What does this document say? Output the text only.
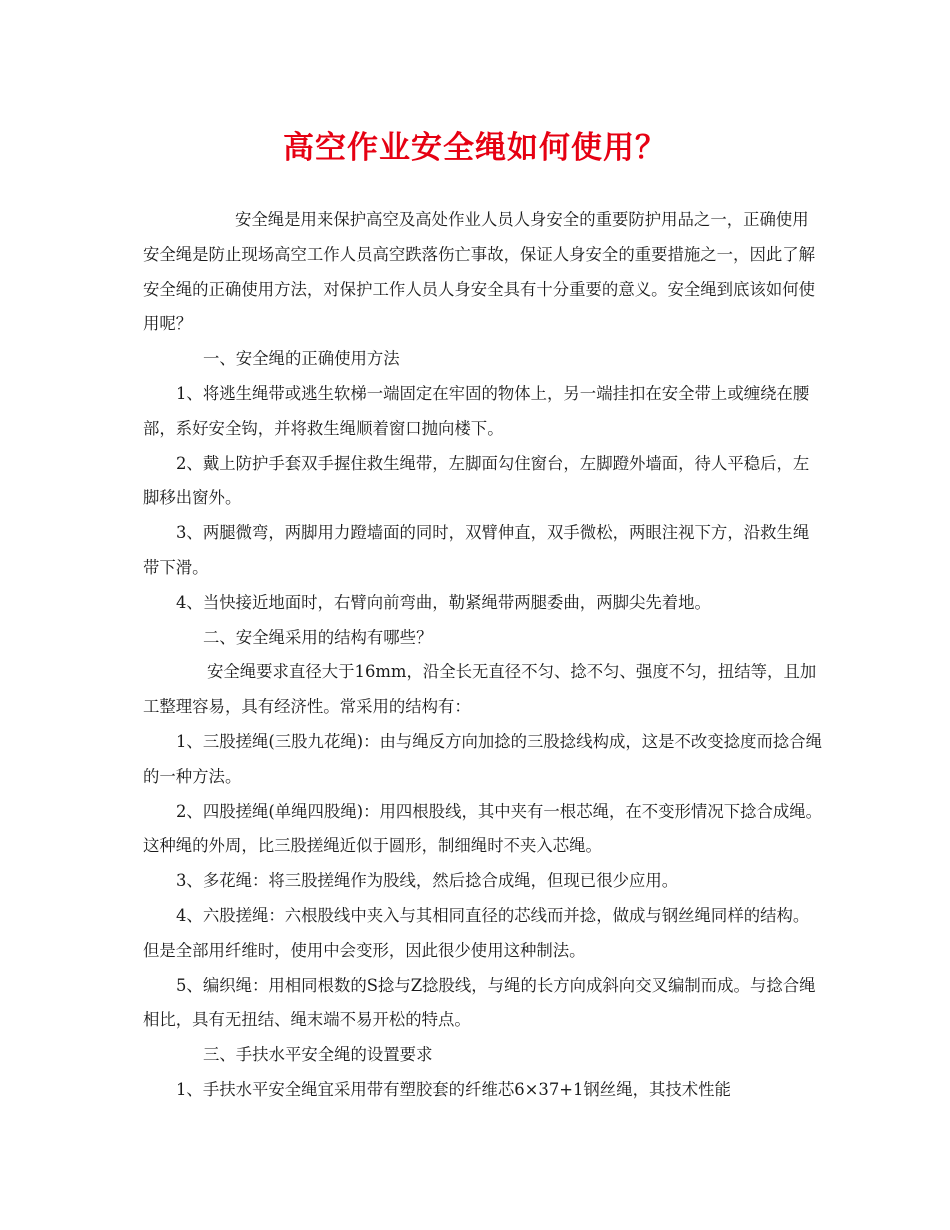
高空作业安全绳如何使用？

安全绳是用来保护高空及高处作业人员人身安全的重要防护用品之一，正确使用安全绳是防止现场高空工作人员高空跌落伤亡事故，保证人身安全的重要措施之一，因此了解安全绳的正确使用方法，对保护工作人员人身安全具有十分重要的意义。安全绳到底该如何使用呢？

一、安全绳的正确使用方法

1、将逃生绳带或逃生软梯一端固定在牢固的物体上，另一端挂扣在安全带上或缠绕在腰部，系好安全钩，并将救生绳顺着窗口抛向楼下。

2、戴上防护手套双手握住救生绳带，左脚面勾住窗台，左脚蹬外墙面，待人平稳后，左脚移出窗外。

3、两腿微弯，两脚用力蹬墙面的同时，双臂伸直，双手微松，两眼注视下方，沿救生绳带下滑。

4、当快接近地面时，右臂向前弯曲，勒紧绳带两腿委曲，两脚尖先着地。

二、安全绳采用的结构有哪些？

安全绳要求直径大于16mm，沿全长无直径不匀、捻不匀、强度不匀，扭结等，且加工整理容易，具有经济性。常采用的结构有：

1、三股搓绳(三股九花绳)：由与绳反方向加捻的三股捻线构成，这是不改变捻度而捻合绳的一种方法。

2、四股搓绳(单绳四股绳)：用四根股线，其中夹有一根芯绳，在不变形情况下捻合成绳。这种绳的外周，比三股搓绳近似于圆形，制细绳时不夹入芯绳。

3、多花绳：将三股搓绳作为股线，然后捻合成绳，但现已很少应用。

4、六股搓绳：六根股线中夹入与其相同直径的芯线而并捻，做成与钢丝绳同样的结构。但是全部用纤维时，使用中会变形，因此很少使用这种制法。

5、编织绳：用相同根数的S捻与Z捻股线，与绳的长方向成斜向交叉编制而成。与捻合绳相比，具有无扭结、绳末端不易开松的特点。

三、手扶水平安全绳的设置要求

1、手扶水平安全绳宜采用带有塑胶套的纤维芯6×37+1钢丝绳，其技术性能
